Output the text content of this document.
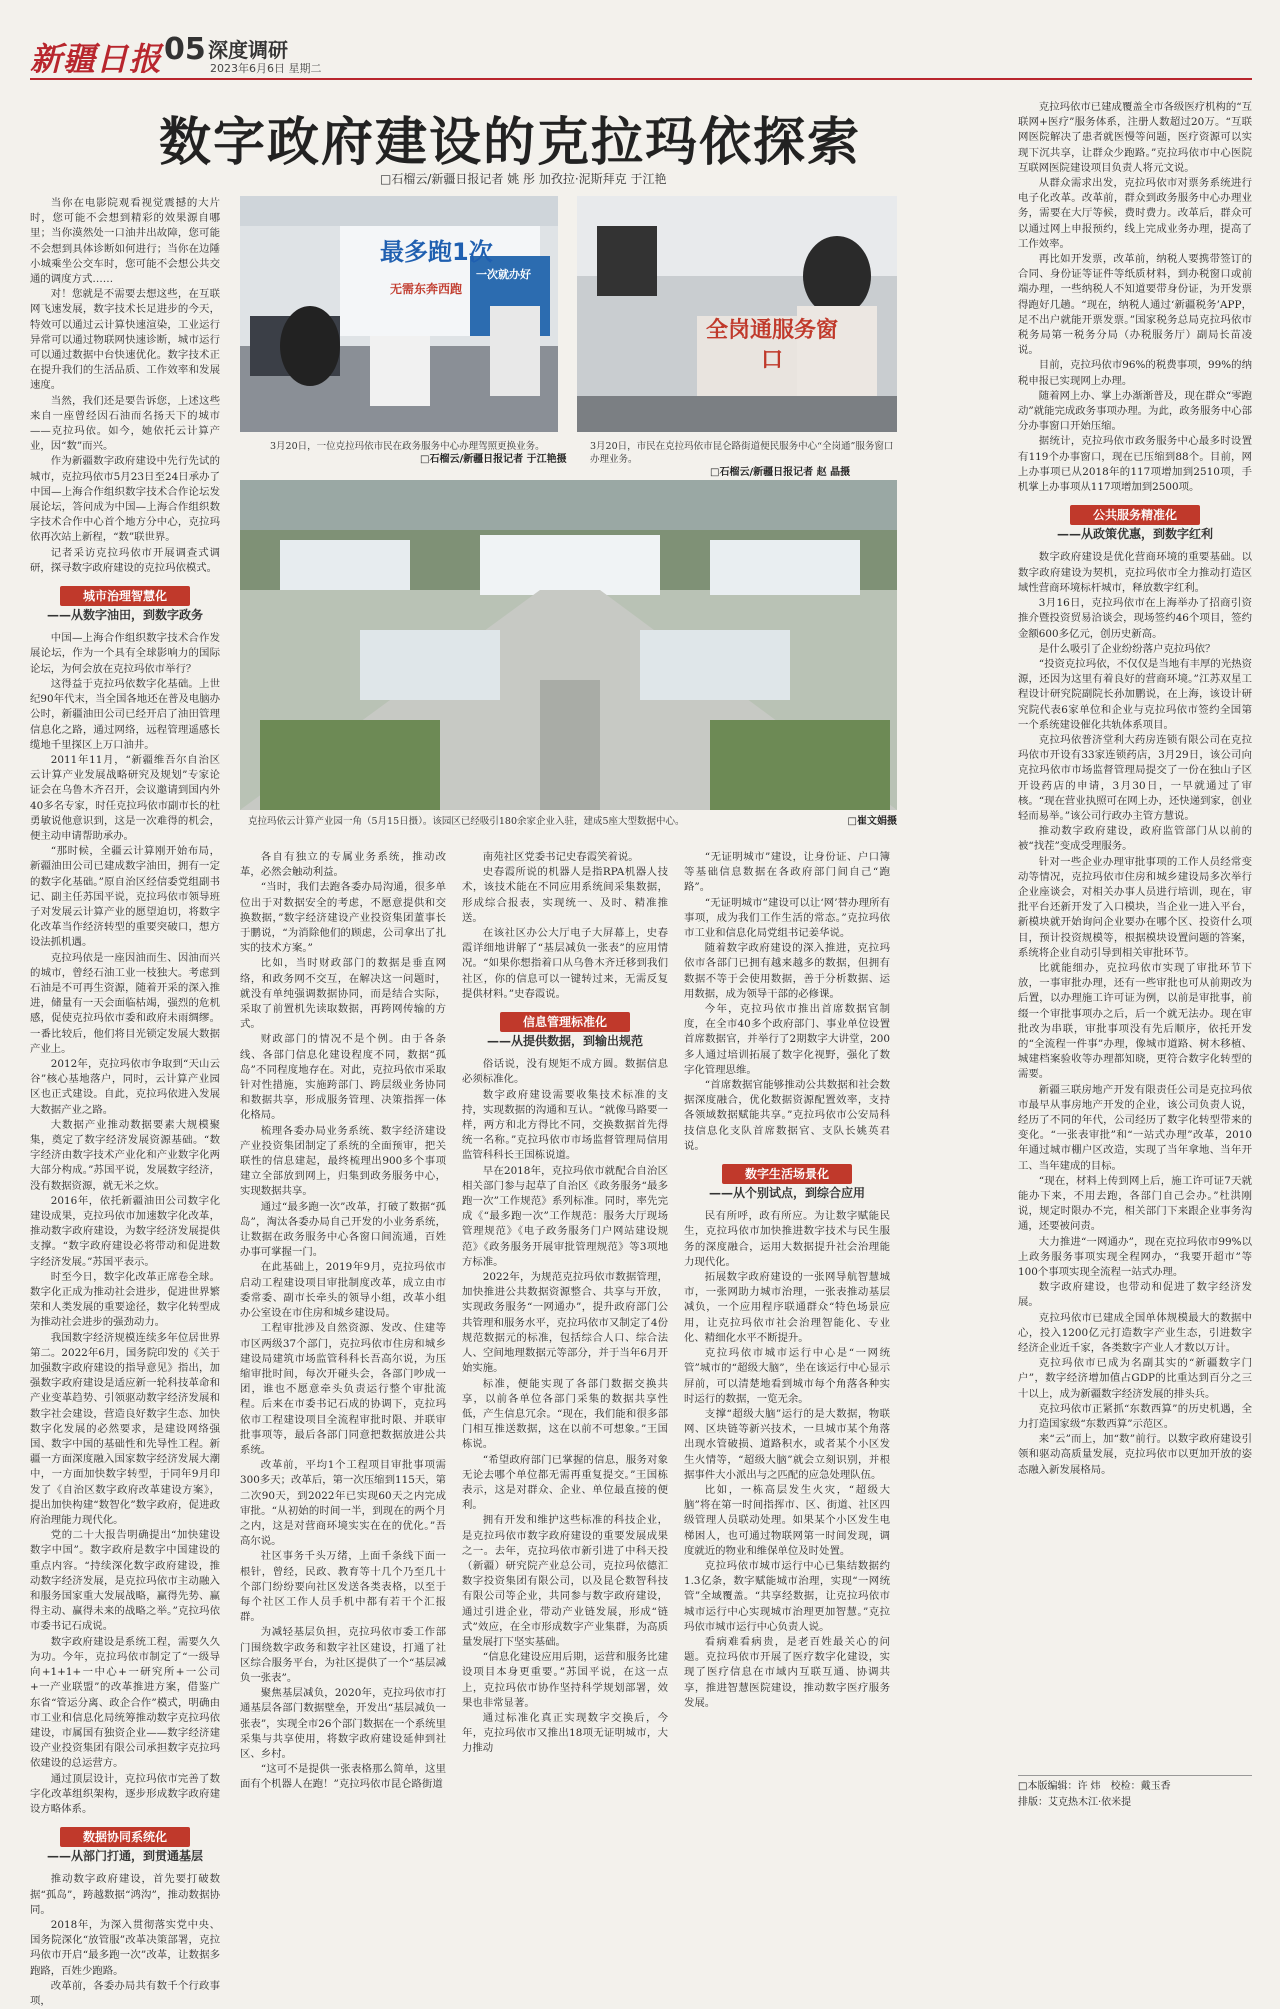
新疆日报 05 深度调研
2023年6月6日 星期二
数字政府建设的克拉玛依探索
□石榴云/新疆日报记者 姚 彤 加孜拉·泥斯拜克 于江艳
最多跑1次
无需东奔西跑
一次就办好
3月20日，一位克拉玛依市民在政务服务中心办理驾照更换业务。
□石榴云/新疆日报记者 于江艳摄
全岗通服务窗口
3月20日，市民在克拉玛依市昆仑路街道便民服务中心“全岗通”服务窗口办理业务。
□石榴云/新疆日报记者 赵 晶摄
克拉玛依云计算产业园一角（5月15日摄）。该园区已经吸引180余家企业入驻，建成5座大型数据中心。	□崔文娟摄

当你在电影院观看视觉震撼的大片时，您可能不会想到精彩的效果源自哪里；当你漠然处一口油井出故障，您可能不会想到具体诊断如何进行；当你在边陲小城乘坐公交车时，您可能不会想公共交通的调度方式……

对！您就是不需要去想这些，在互联网飞速发展，数字技术长足进步的今天，特效可以通过云计算快速渲染，工业运行异常可以通过物联网快速诊断，城市运行可以通过数据中台快速优化。数字技术正在提升我们的生活品质、工作效率和发展速度。

当然，我们还是要告诉您，上述这些来自一座曾经因石油而名扬天下的城市——克拉玛依。如今，她依托云计算产业，因“数”而兴。

作为新疆数字政府建设中先行先试的城市，克拉玛依市5月23日至24日承办了中国—上海合作组织数字技术合作论坛发展论坛，答问成为中国—上海合作组织数字技术合作中心首个地方分中心，克拉玛依再次站上新程，“数”联世界。

记者采访克拉玛依市开展调查式调研，探寻数字政府建设的克拉玛依模式。

城市治理智慧化
——从数字油田，到数字政务

中国—上海合作组织数字技术合作发展论坛，作为一个具有全球影响力的国际论坛，为何会放在克拉玛依市举行？

这得益于克拉玛依数字化基础。上世纪90年代末，当全国各地还在普及电脑办公时，新疆油田公司已经开启了油田管理信息化之路，通过网络，远程管理遥感长缆地千里探区上万口油井。

2011年11月，“新疆维吾尔自治区云计算产业发展战略研究及规划”专家论证会在乌鲁木齐召开，会议邀请到国内外40多名专家，时任克拉玛依市副市长的杜勇敏说他意识到，这是一次难得的机会，便主动申请帮助承办。

“那时候，全疆云计算刚开始布局，新疆油田公司已建成数字油田，拥有一定的数字化基础。”原自治区经信委党组副书记、副主任苏国平说，克拉玛依市领导班子对发展云计算产业的愿望迫切，将数字化改革当作经济转型的重要突破口，想方设法抓机遇。

克拉玛依是一座因油而生、因油而兴的城市，曾经石油工业一枝独大。考虑到石油是不可再生资源，随着开采的深入推进，储量有一天会面临枯竭，强烈的危机感，促使克拉玛依市委和政府未雨绸缪。一番比较后，他们将目光锁定发展大数据产业上。

2012年，克拉玛依市争取到“天山云谷”核心基地落户，同时，云计算产业园区也正式建设。自此，克拉玛依进入发展大数据产业之路。

大数据产业推动数据要素大规模聚集，奠定了数字经济发展资源基础。“数字经济由数字技术产业化和产业数字化两大部分构成。”苏国平说，发展数字经济，没有数据资源，就无米之炊。

2016年，依托新疆油田公司数字化建设成果，克拉玛依市加速数字化改革，推动数字政府建设，为数字经济发展提供支撑。“数字政府建设必将带动和促进数字经济发展。”苏国平表示。

时至今日，数字化改革正席卷全球。数字化正成为推动社会进步，促进世界繁荣和人类发展的重要途径，数字化转型成为推动社会进步的强劲动力。

我国数字经济规模连续多年位居世界第二。2022年6月，国务院印发的《关于加强数字政府建设的指导意见》指出，加强数字政府建设是适应新一轮科技革命和产业变革趋势、引领驱动数字经济发展和数字社会建设，营造良好数字生态、加快数字化发展的必然要求，是建设网络强国、数字中国的基础性和先导性工程。新疆一方面深度融入国家数字经济发展大潮中，一方面加快数字转型，于同年9月印发了《自治区数字政府改革建设方案》，提出加快构建“数智化”数字政府，促进政府治理能力现代化。

党的二十大报告明确提出“加快建设数字中国”。数字政府是数字中国建设的重点内容。“持续深化数字政府建设，推动数字经济发展，是克拉玛依市主动融入和服务国家重大发展战略，赢得先势、赢得主动、赢得未来的战略之举。”克拉玛依市委书记石成说。

数字政府建设是系统工程，需要久久为功。今年，克拉玛依市制定了“一级导向+1+1+一中心+一研究所+一公司+一产业联盟”的改革推进方案，借鉴广东省“管运分离、政企合作”模式，明确由市工业和信息化局统筹推动数字克拉玛依建设，市属国有独资企业——数字经济建设产业投资集团有限公司承担数字克拉玛依建设的总运营方。

通过顶层设计，克拉玛依市完善了数字化改革组织架构，逐步形成数字政府建设方略体系。

数据协同系统化
——从部门打通，到贯通基层

推动数字政府建设，首先要打破数据“孤岛”，跨越数据“鸿沟”，推动数据协同。

2018年，为深入贯彻落实党中央、国务院深化“放管服”改革决策部署，克拉玛依市开启“最多跑一次”改革，让数据多跑路，百姓少跑路。

改革前，各委办局共有数千个行政事项，

各自有独立的专属业务系统，推动改革，必然会触动利益。

“当时，我们去跑各委办局沟通，很多单位出于对数据安全的考虑，不愿意提供和交换数据，”数字经济建设产业投资集团董事长于鹏说，“为消除他们的顾虑，公司拿出了扎实的技术方案。”

比如，当时财政部门的数据是垂直网络，和政务网不交互，在解决这一问题时，就没有单纯强调数据协同，而是结合实际，采取了前置机先读取数据，再跨网传输的方式。

财政部门的情况不是个例。由于各条线、各部门信息化建设程度不同，数据“孤岛”不同程度地存在。对此，克拉玛依市采取针对性措施，实施跨部门、跨层级业务协同和数据共享，形成服务管理、决策指挥一体化格局。

梳理各委办局业务系统、数字经济建设产业投资集团制定了系统的全面预审，把关联性的信息建起，最终梳理出900多个事项建立全部放到网上，归集到政务服务中心，实现数据共享。

通过“最多跑一次”改革，打破了数据“孤岛”，淘汰各委办局自己开发的小业务系统，让数据在政务服务中心各窗口间流通，百姓办事可掌握一门。

在此基础上，2019年9月，克拉玛依市启动工程建设项目审批制度改革，成立由市委常委、副市长牵头的领导小组，改革小组办公室设在市住房和城乡建设局。

工程审批涉及自然资源、发改、住建等市区两级37个部门，克拉玛依市住房和城乡建设局建筑市场监管科科长吾高尔说，为压缩审批时间，每次开碰头会，各部门吵成一团，谁也不愿意牵头负责运行整个审批流程。后来在市委书记石成的协调下，克拉玛依市工程建设项目全流程审批时限、并联审批事项等，最后各部门同意把数据放进公共系统。

改革前，平均1个工程项目审批事项需300多天；改革后，第一次压缩到115天，第二次90天，到2022年已实现60天之内完成审批。“从初始的时间一半，到现在的两个月之内，这是对营商环境实实在在的优化。”吾高尔说。

社区事务千头万绪，上面千条线下面一根针，曾经，民政、教育等十几个乃至几十个部门纷纷要向社区发送各类表格，以至于每个社区工作人员手机中都有若干个汇报群。

为减轻基层负担，克拉玛依市委工作部门围绕数字政务和数字社区建设，打通了社区综合服务平台，为社区提供了一个“基层减负一张表”。

聚焦基层减负，2020年，克拉玛依市打通基层各部门数据壁垒，开发出“基层减负一张表”，实现全市26个部门数据在一个系统里采集与共享使用，将数字政府建设延伸到社区、乡村。

“这可不是提供一张表格那么简单，这里面有个机器人在跑！”克拉玛依市昆仑路街道

南苑社区党委书记史春霞笑着说。

史春霞所说的机器人是指RPA机器人技术，该技术能在不同应用系统间采集数据，形成综合报表，实现统一、及时、精准推送。

在该社区办公大厅电子大屏幕上，史春霞详细地讲解了“基层减负一张表”的应用情况。“如果你想指着口从乌鲁木齐迁移到我们社区，你的信息可以一键转过来，无需反复提供材料。”史春霞说。

信息管理标准化
——从提供数据，到输出规范

俗话说，没有规矩不成方圆。数据信息必须标准化。

数字政府建设需要收集技术标准的支持，实现数据的沟通和互认。“就像马路要一样，两方和北方得比不同，交换数据首先得统一名称。”克拉玛依市市场监督管理局信用监管科科长王国栋说道。

早在2018年，克拉玛依市就配合自治区相关部门参与起草了自治区《政务服务“最多跑一次”工作规范》系列标准。同时，率先完成《“最多跑一次”工作规范：服务大厅现场管理规范》《电子政务服务门户网站建设规范》《政务服务开展审批管理规范》等3项地方标准。

2022年，为规范克拉玛依市数据管理，加快推进公共数据资源整合、共享与开放，实现政务服务“一网通办”，提升政府部门公共管理和服务水平，克拉玛依市又制定了4份规范数据元的标准，包括综合人口、综合法人、空间地理数据元等部分，并于当年6月开始实施。

标准，便能实现了各部门数据交换共享，以前各单位各部门采集的数据共享性低，产生信息冗余。“现在，我们能和很多部门相互推送数据，这在以前不可想象。”王国栋说。

“希望政府部门已掌握的信息，服务对象无论去哪个单位都无需再重复提交。”王国栋表示，这是对群众、企业、单位最直接的便利。

拥有开发和维护这些标准的科技企业，是克拉玛依市数字政府建设的重要发展成果之一。去年，克拉玛依市新引进了中科天投（新疆）研究院产业总公司，克拉玛依德汇数字投资集团有限公司，以及昆仑数智科技有限公司等企业，共同参与数字政府建设，通过引进企业，带动产业链发展，形成“链式”效应，在全市形成数字产业集群，为高质量发展打下坚实基础。

“信息化建设应用后期，运营和服务比建设项目本身更重要。”苏国平说，在这一点上，克拉玛依市协作坚持科学规划部署，效果也非常显著。

通过标准化真正实现数字交换后，今年，克拉玛依市又推出18项无证明城市，大力推动

“无证明城市”建设，让身份证、户口簿等基础信息数据在各政府部门间自己“跑路”。

“无证明城市”建设可以让‘网’替办理所有事项，成为我们工作生活的常态。”克拉玛依市工业和信息化局党组书记姜华说。

随着数字政府建设的深入推进，克拉玛依市各部门已拥有越来越多的数据，但拥有数据不等于会使用数据，善于分析数据、运用数据，成为领导干部的必修课。

今年，克拉玛依市推出首席数据官制度，在全市40多个政府部门、事业单位设置首席数据官，并举行了2期数字大讲堂，200多人通过培训拓展了数字化视野，强化了数字化管理思维。

“首席数据官能够推动公共数据和社会数据深度融合，优化数据资源配置效率，支持各领域数据赋能共享。”克拉玛依市公安局科技信息化支队首席数据官、支队长姚英君说。

数字生活场景化
——从个别试点，到综合应用

民有所呼，政有所应。为让数字赋能民生，克拉玛依市加快推进数字技术与民生服务的深度融合，运用大数据提升社会治理能力现代化。

拓展数字政府建设的一张网导航智慧城市，一张网助力城市治理，一张表推动基层减负，一个应用程序联通群众“特色场景应用，让克拉玛依市社会治理智能化、专业化、精细化水平不断提升。

克拉玛依市城市运行中心是“一网统管”城市的“超级大脑”，坐在该运行中心显示屏前，可以清楚地看到城市每个角落各种实时运行的数据，一览无余。

支撑“超级大脑”运行的是大数据，物联网、区块链等新兴技术，一旦城市某个角落出现水管破损、道路积水，或者某个小区发生火情等，“超级大脑”就会立刻识别，并根据事件大小派出与之匹配的应急处理队伍。

比如，一栋高层发生火灾，“超级大脑”将在第一时间指挥市、区、街道、社区四级管理人员联动处理。如果某个小区发生电梯困人，也可通过物联网第一时间发现，调度就近的物业和维保单位及时处置。

克拉玛依市城市运行中心已集结数据约1.3亿条，数字赋能城市治理，实现“一网统管”全域覆盖。“共享经数据，让克拉玛依市城市运行中心实现城市治理更加智慧。”克拉玛依市城市运行中心负责人说。

看病难看病贵，是老百姓最关心的问题。克拉玛依市开展了医疗数字化建设，实现了医疗信息在市域内互联互通、协调共享，推进智慧医院建设，推动数字医疗服务发展。

克拉玛依市已建成覆盖全市各级医疗机构的“互联网+医疗”服务体系，注册人数超过20万。“互联网医院解决了患者就医慢等问题，医疗资源可以实现下沉共享，让群众少跑路。”克拉玛依市中心医院互联网医院建设项目负责人将元文说。

从群众需求出发，克拉玛依市对票务系统进行电子化改革。改革前，群众到政务服务中心办理业务，需要在大厅等候，费时费力。改革后，群众可以通过网上申报预约，线上完成业务办理，提高了工作效率。

再比如开发票，改革前，纳税人要携带签订的合同、身份证等证件等纸质材料，到办税窗口或前端办理，一些纳税人不知道要带身份证，为开发票得跑好几趟。“现在，纳税人通过‘新疆税务’APP，足不出户就能开票发票。”国家税务总局克拉玛依市税务局第一税务分局（办税服务厅）副局长苗凌说。

目前，克拉玛依市96%的税费事项，99%的纳税申报已实现网上办理。

随着网上办、掌上办渐渐普及，现在群众“零跑动”就能完成政务事项办理。为此，政务服务中心部分办事窗口开始压缩。

据统计，克拉玛依市政务服务中心最多时设置有119个办事窗口，现在已压缩到88个。目前，网上办事项已从2018年的117项增加到2510项，手机掌上办事项从117项增加到2500项。

公共服务精准化
——从政策优惠，到数字红利

数字政府建设是优化营商环境的重要基础。以数字政府建设为契机，克拉玛依市全力推动打造区域性营商环境标杆城市，释放数字红利。

3月16日，克拉玛依市在上海举办了招商引资推介暨投资贸易洽谈会，现场签约46个项目，签约金额600多亿元，创历史新高。

是什么吸引了企业纷纷落户克拉玛依？

“投资克拉玛依，不仅仅是当地有丰厚的光热资源，还因为这里有着良好的营商环境。”江苏双星工程设计研究院副院长孙加鹏说，在上海，该设计研究院代表6家单位和企业与克拉玛依市签约全国第一个系统建设催化共轨体系项目。

克拉玛依普济堂利大药房连锁有限公司在克拉玛依市开设有33家连锁药店，3月29日，该公司向克拉玛依市市场监督管理局提交了一份在独山子区开设药店的申请，3月30日，一早就通过了审核。“现在营业执照可在网上办，还快递到家，创业轻而易举。”该公司行政办主管方慧说。

推动数字政府建设，政府监管部门从以前的被“找茬”变成受理服务。

针对一些企业办理审批事项的工作人员经常变动等情况，克拉玛依市住房和城乡建设局多次举行企业座谈会，对相关办事人员进行培训，现在，审批平台还新开发了入口模块，当企业一进入平台，新模块就开始询问企业要办在哪个区、投资什么项目，预计投资规模等，根据模块设置问题的答案，系统将企业自动引导到相关审批环节。

比就能细办，克拉玛依市实现了审批环节下放，一事审批办理，还有一些审批也可从前期改为后置，以办理施工许可证为例，以前是审批事，前缀一个审批事项办之后，后一个就无法办。现在审批改为串联，审批事项没有先后顺序，依托开发的“全流程一件事”办理，像城市道路、树木移植、城建档案验收等办理都知晓，更符合数字化转型的需要。

新疆三联房地产开发有限责任公司是克拉玛依市最早从事房地产开发的企业，该公司负责人说，经历了不同的年代，公司经历了数字化转型带来的变化。“一张表审批”和“一站式办理”改革，2010年通过城市棚户区改造，实现了当年拿地、当年开工、当年建成的目标。

“现在，材料上传到网上后，施工许可证7天就能办下来，不用去跑，各部门自己会办。”杜洪刚说，规定时限办不完，相关部门下来跟企业事务沟通，还要被问责。

大力推进“一网通办”，现在克拉玛依市99%以上政务服务事项实现全程网办，“我要开超市”等100个事项实现全流程一站式办理。

数字政府建设，也带动和促进了数字经济发展。

克拉玛依市已建成全国单体规模最大的数据中心，投入1200亿元打造数字产业生态，引进数字经济企业近千家，各类数字产业人才数以万计。

克拉玛依市已成为名副其实的“新疆数字门户”，数字经济增加值占GDP的比重达到百分之三十以上，成为新疆数字经济发展的排头兵。

克拉玛依市正紧抓“东数西算”的历史机遇，全力打造国家级“东数西算”示范区。

来“云”而上，加“数”前行。以数字政府建设引领和驱动高质量发展，克拉玛依市以更加开放的姿态融入新发展格局。

□本版编辑：许 炜　校检：戴玉香
排版：艾克热木江·依米提
